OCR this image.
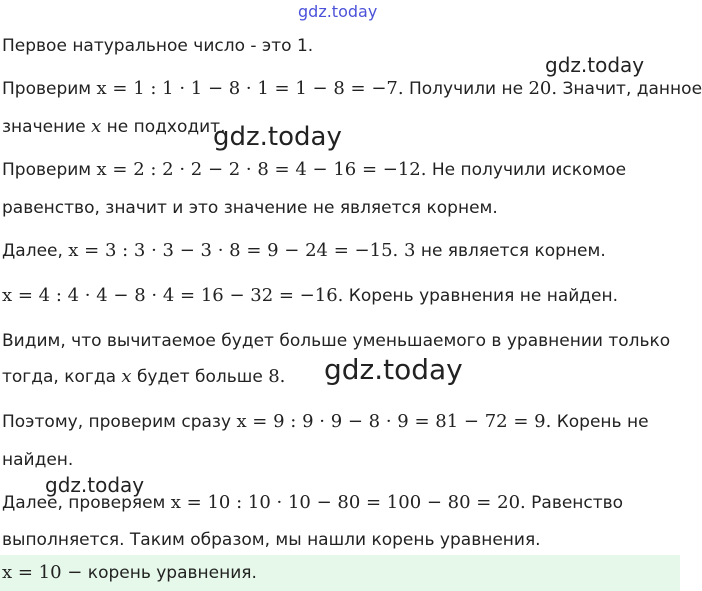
gdz.today
Первое натуральное число - это 1.
Проверим x = 1 : 1 · 1 − 8 · 1 = 1 − 8 = −7. Получили не 20. Значит, данное
значение x не подходит.
Проверим x = 2 : 2 · 2 − 2 · 8 = 4 − 16 = −12. Не получили искомое
равенство, значит и это значение не является корнем.
Далее, x = 3 : 3 · 3 − 3 · 8 = 9 − 24 = −15. 3 не является корнем.
x = 4 : 4 · 4 − 8 · 4 = 16 − 32 = −16. Корень уравнения не найден.
Видим, что вычитаемое будет больше уменьшаемого в уравнении только
тогда, когда x будет больше 8.
Поэтому, проверим сразу x = 9 : 9 · 9 − 8 · 9 = 81 − 72 = 9. Корень не
найден.
Далее, проверяем x = 10 : 10 · 10 − 80 = 100 − 80 = 20. Равенство
выполняется. Таким образом, мы нашли корень уравнения.
x = 10 − корень уравнения.
gdz.today
gdz.today
gdz.today
gdz.today
